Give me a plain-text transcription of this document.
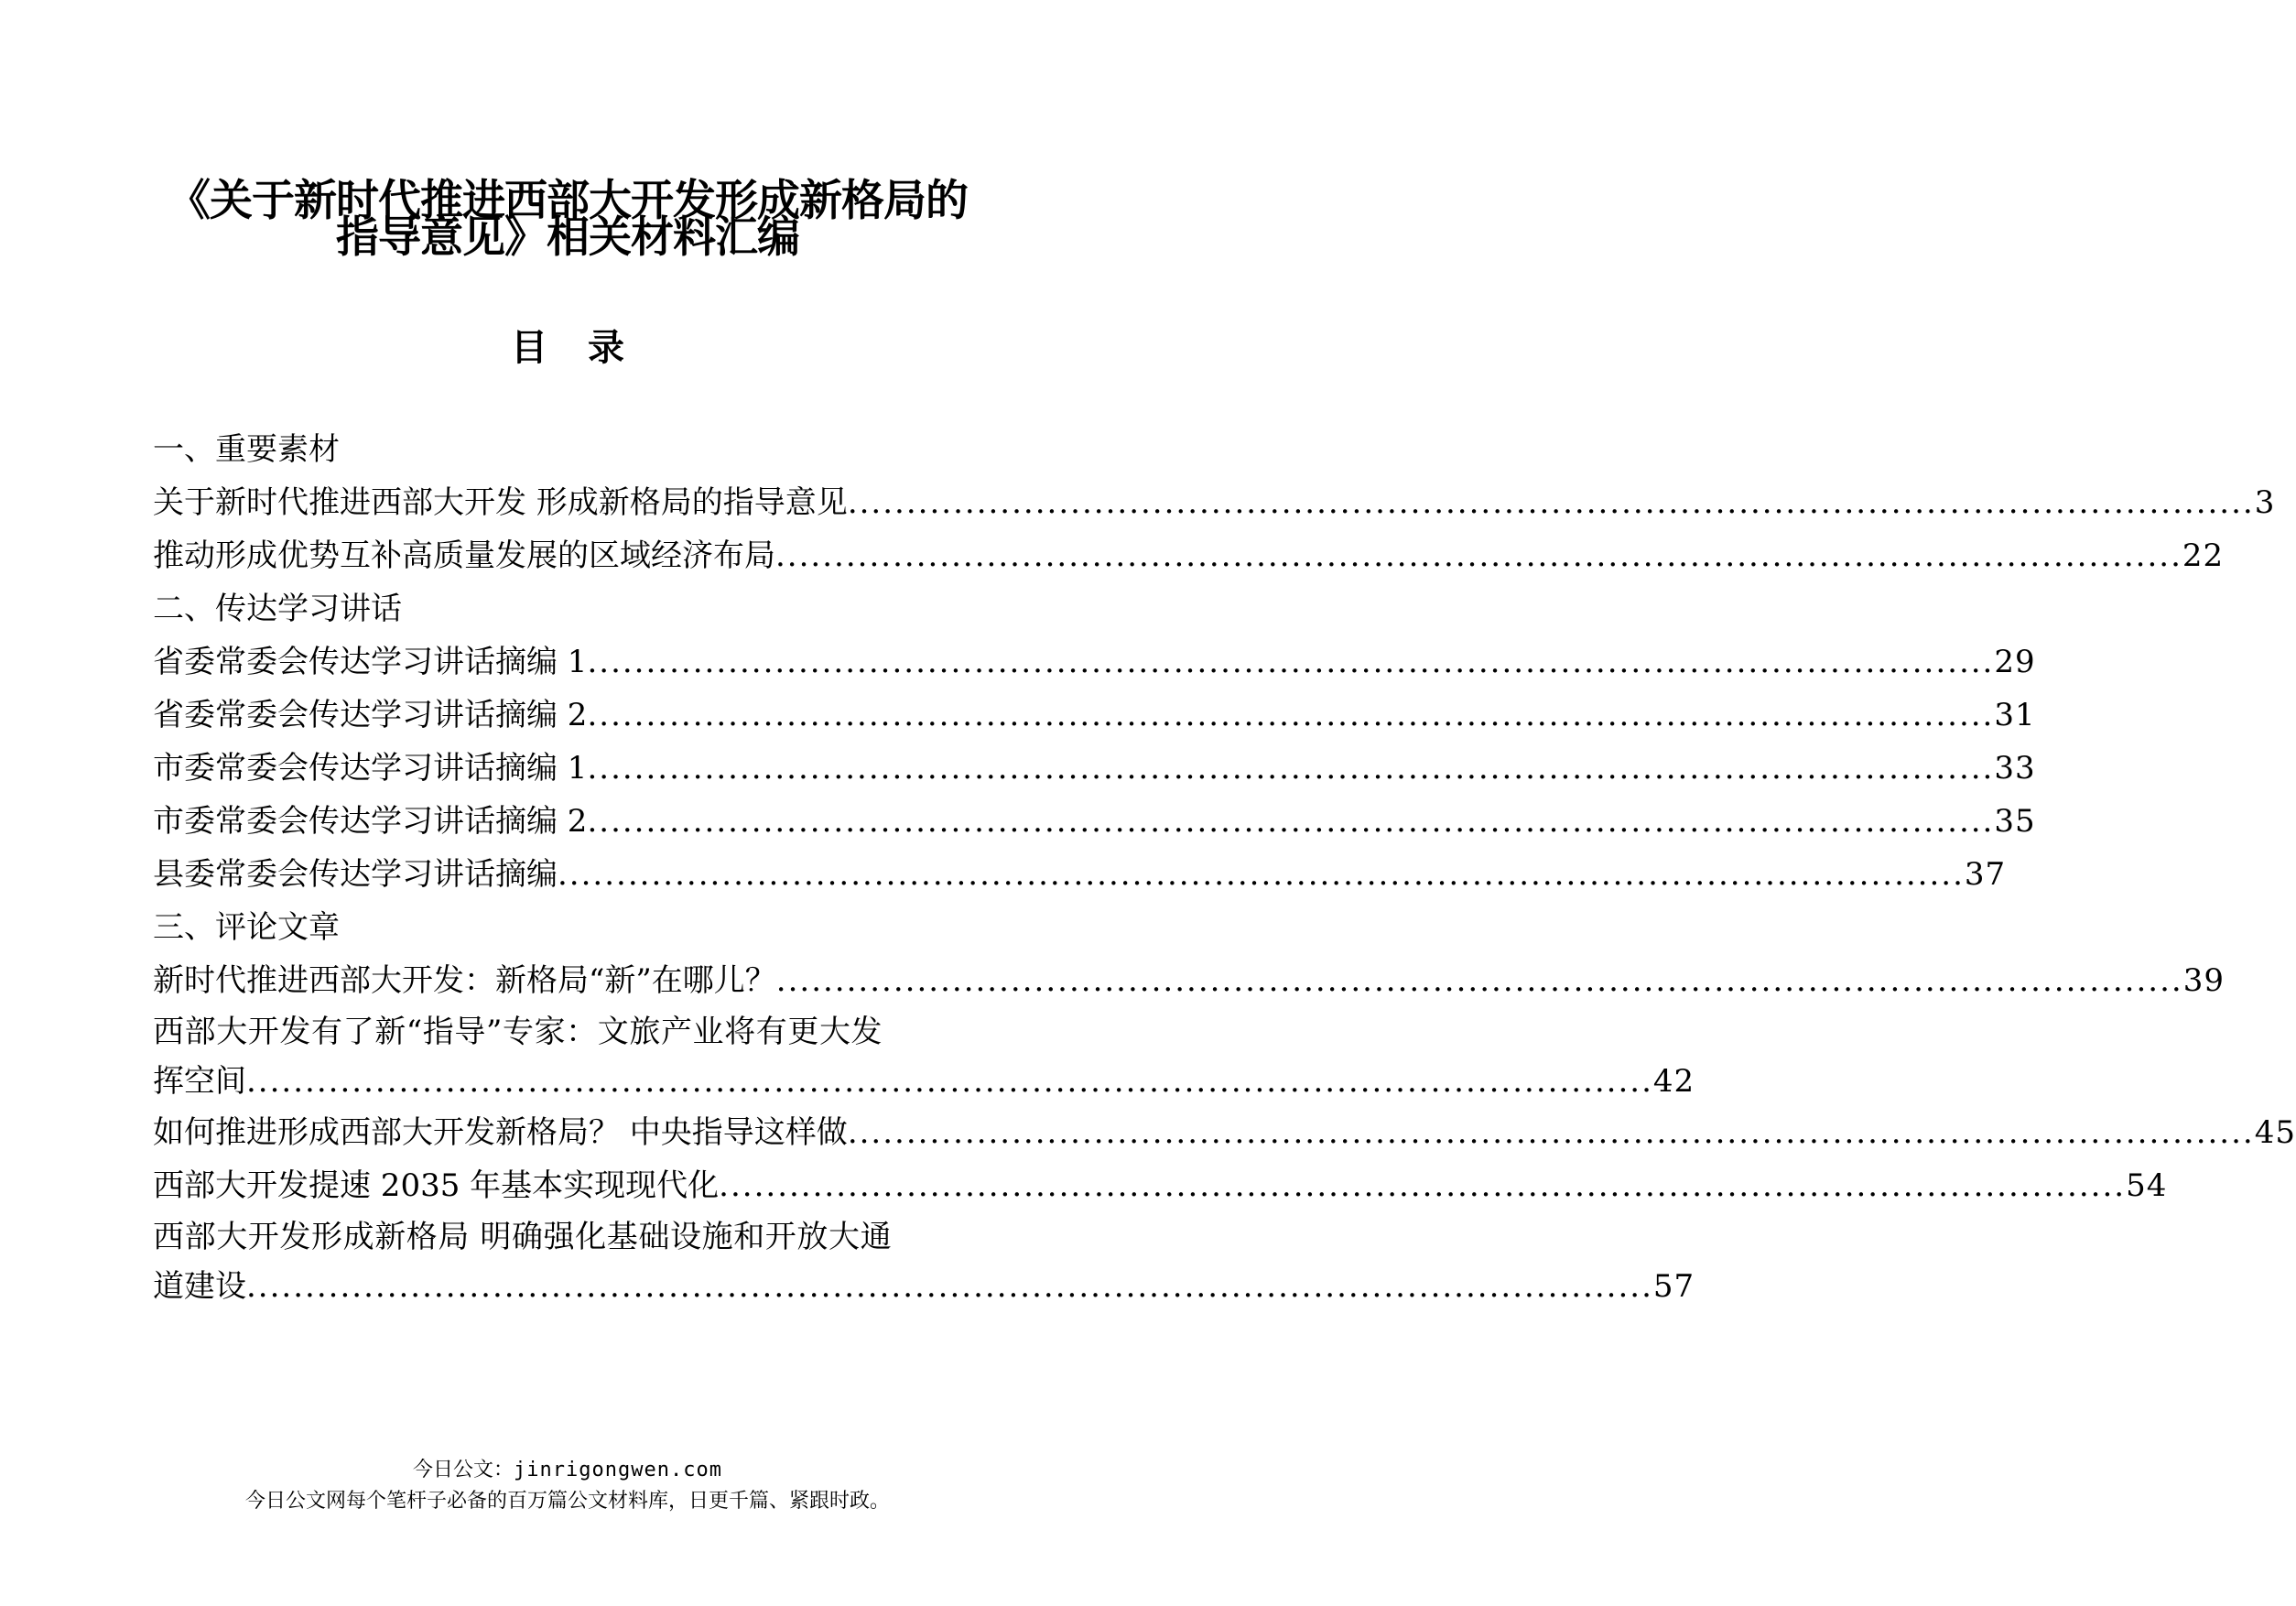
《关于新时代推进西部大开发形成新格局的
指导意见》相关材料汇编
目录
一、重要素材
关于新时代推进西部大开发 形成新格局的指导意见 ........................................................................................................................ 3
推动形成优势互补高质量发展的区域经济布局 ........................................................................................................................ 22
二、传达学习讲话
省委常委会传达学习讲话摘编 1 ........................................................................................................................ 29
省委常委会传达学习讲话摘编 2 ........................................................................................................................ 31
市委常委会传达学习讲话摘编 1 ........................................................................................................................ 33
市委常委会传达学习讲话摘编 2 ........................................................................................................................ 35
县委常委会传达学习讲话摘编 ........................................................................................................................ 37
三、评论文章
新时代推进西部大开发：新格局“新”在哪儿？ ........................................................................................................................ 39
西部大开发有了新“指导”专家：文旅产业将有更大发
挥空间 ........................................................................................................................ 42
如何推进形成西部大开发新格局？ 中央指导这样做 ........................................................................................................................ 45
西部大开发提速 2035 年基本实现现代化 ........................................................................................................................ 54
西部大开发形成新格局 明确强化基础设施和开放大通
道建设 ........................................................................................................................ 57
今日公文：jinrigongwen.com
今日公文网每个笔杆子必备的百万篇公文材料库，日更千篇、紧跟时政。
